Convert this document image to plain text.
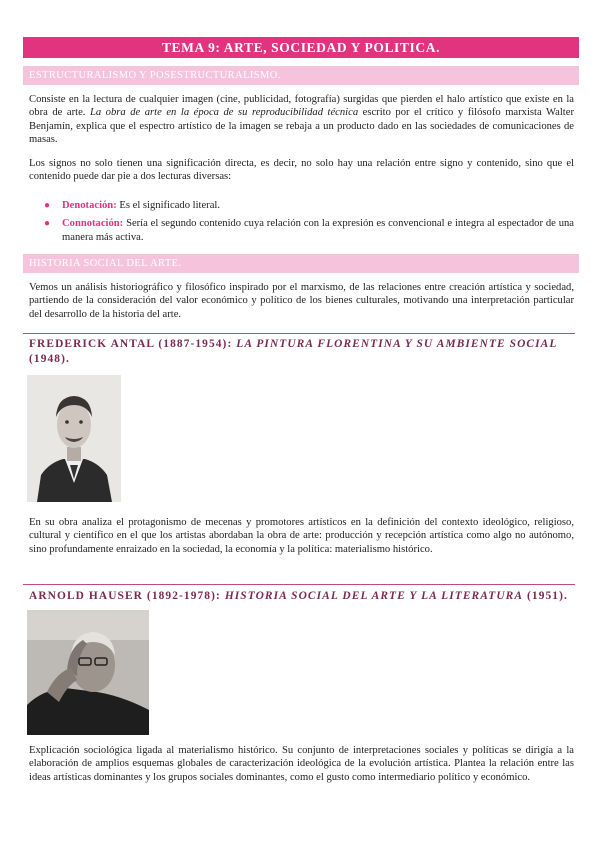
TEMA 9: ARTE, SOCIEDAD Y POLITICA.
ESTRUCTURALISMO Y POSESTRUCTURALISMO.

Consiste en la lectura de cualquier imagen (cine, publicidad, fotografía) surgidas que pierden el halo artístico que existe en la obra de arte. La obra de arte en la época de su reproducibilidad técnica escrito por el crítico y filósofo marxista Walter Benjamín, explica que el espectro artístico de la imagen se rebaja a un producto dado en las sociedades de comunicaciones de masas.

Los signos no solo tienen una significación directa, es decir, no solo hay una relación entre signo y contenido, sino que el contenido puede dar pie a dos lecturas diversas:

● Denotación: Es el significado literal.
● Connotación: Sería el segundo contenido cuya relación con la expresión es convencional e integra al espectador de una manera más activa.
HISTORIA SOCIAL DEL ARTE.

Vemos un análisis historiográfico y filosófico inspirado por el marxismo, de las relaciones entre creación artística y sociedad, partiendo de la consideración del valor económico y político de los bienes culturales, motivando una interpretación particular del desarrollo de la historia del arte.

FREDERICK ANTAL (1887-1954): LA PINTURA FLORENTINA Y SU AMBIENTE SOCIAL (1948).

En su obra analiza el protagonismo de mecenas y promotores artísticos en la definición del contexto ideológico, religioso, cultural y científico en el que los artistas abordaban la obra de arte: producción y recepción artística como algo no autónomo, sino profundamente enraizado en la sociedad, la economía y la política: materialismo histórico.

ARNOLD HAUSER (1892-1978): HISTORIA SOCIAL DEL ARTE Y LA LITERATURA (1951).

Explicación sociológica ligada al materialismo histórico. Su conjunto de interpretaciones sociales y políticas se dirigía a la elaboración de amplios esquemas globales de caracterización ideológica de la evolución artística. Plantea la relación entre las ideas artísticas dominantes y los grupos sociales dominantes, como el gusto como intermediario político y económico.
